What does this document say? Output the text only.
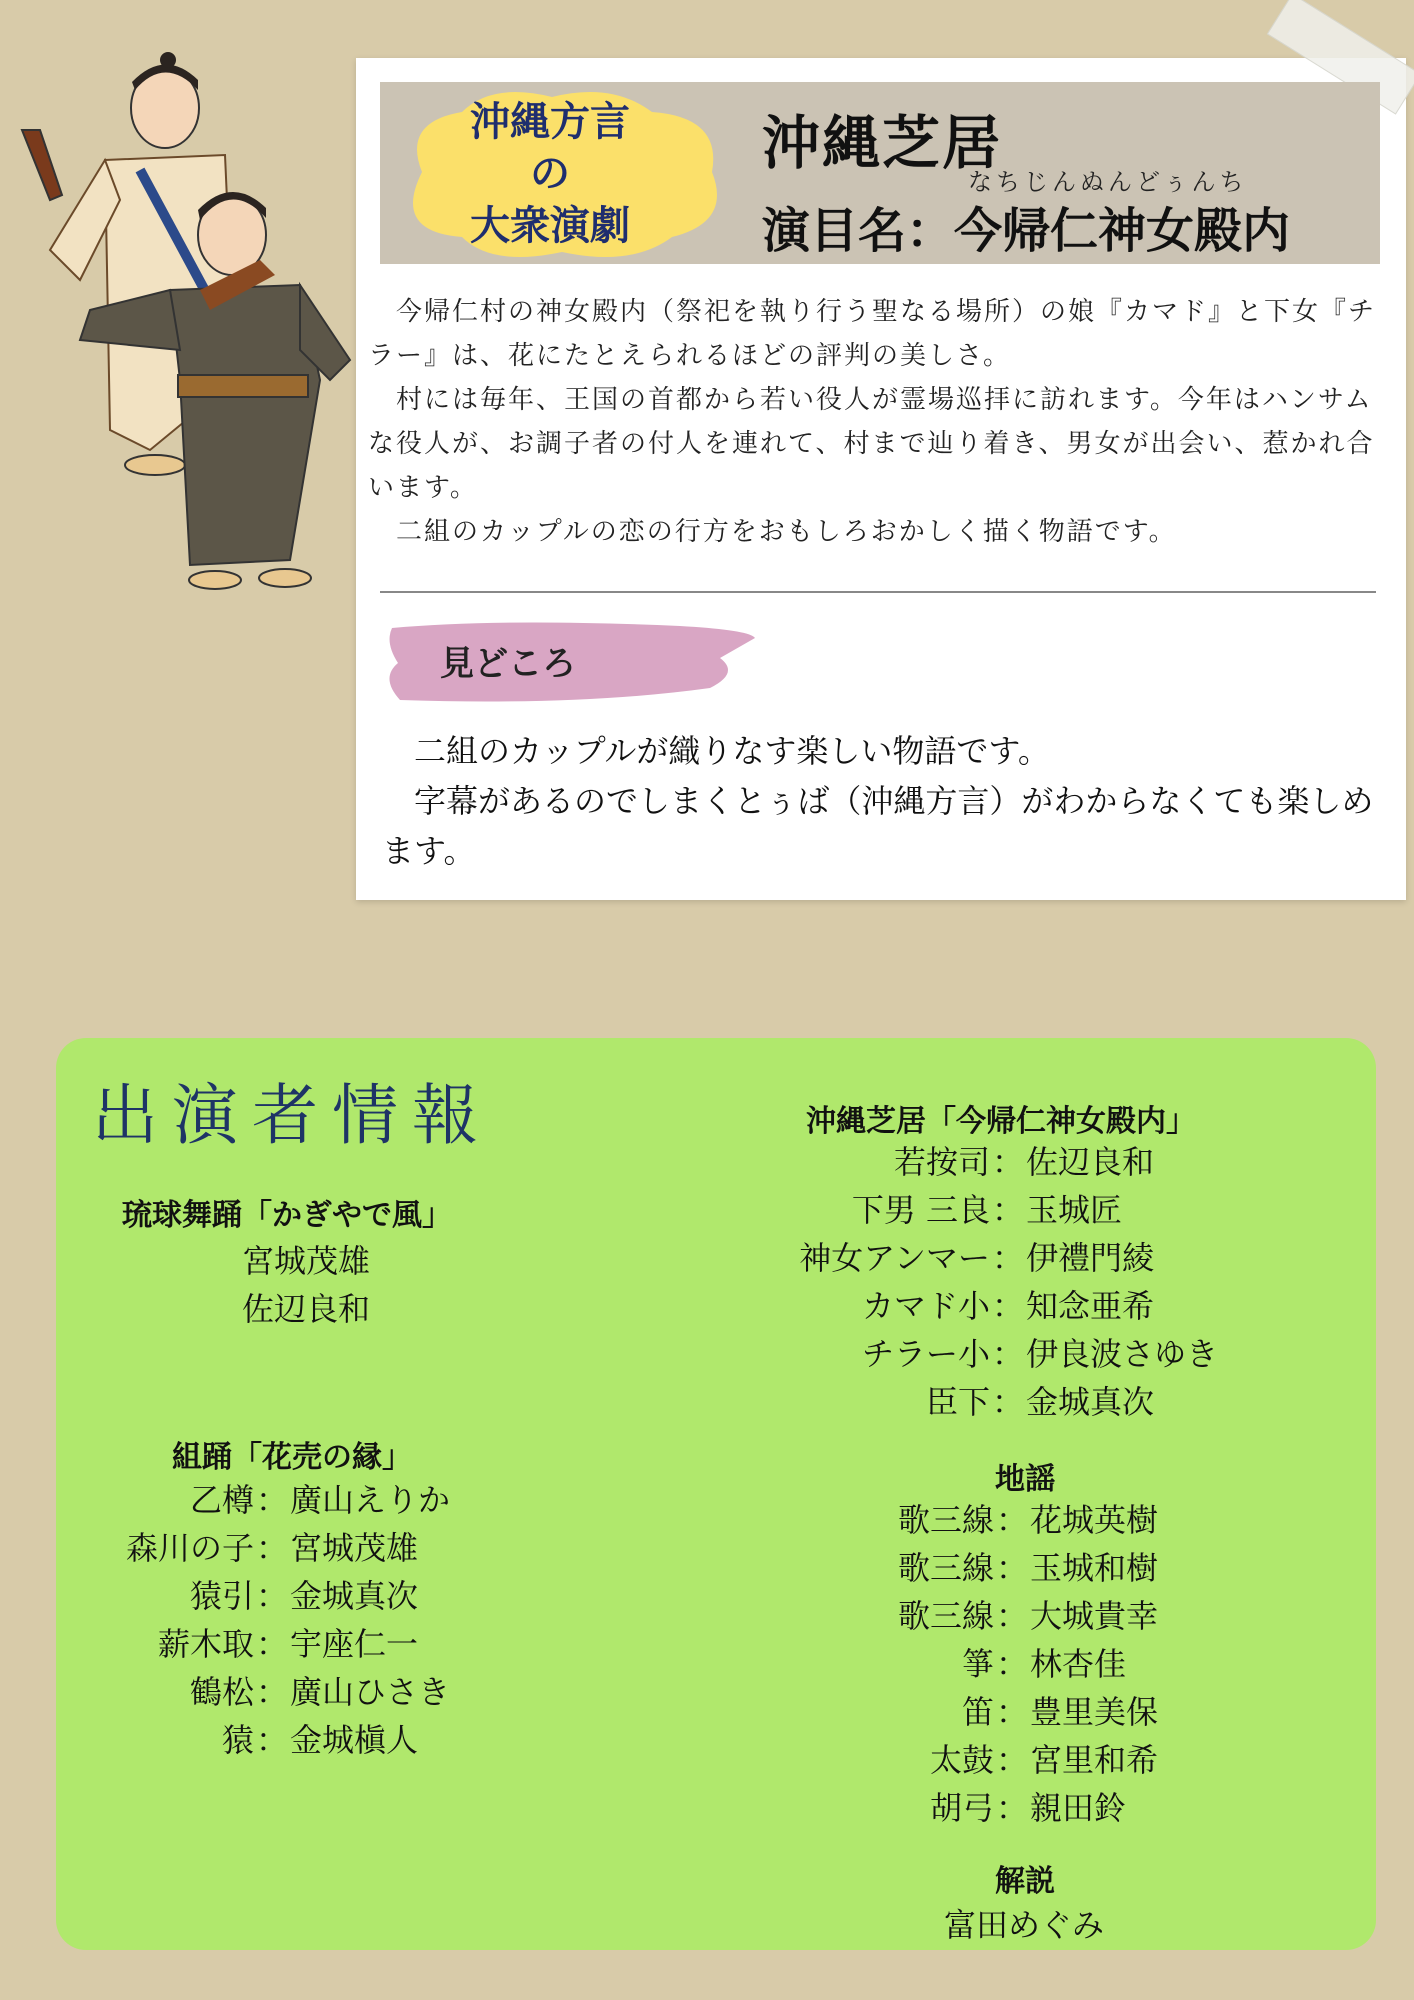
沖縄方言
の
大衆演劇
沖縄芝居
なちじんぬんどぅんち
演目名：今帰仁神女殿内

　今帰仁村の神女殿内（祭祀を執り行う聖なる場所）の娘『カマド』と下女『チラー』は、花にたとえられるほどの評判の美しさ。

　村には毎年、王国の首都から若い役人が霊場巡拝に訪れます。今年はハンサムな役人が、お調子者の付人を連れて、村まで辿り着き、男女が出会い、惹かれ合います。

　二組のカップルの恋の行方をおもしろおかしく描く物語です。

見どころ

　二組のカップルが織りなす楽しい物語です。

　字幕があるのでしまくとぅば（沖縄方言）がわからなくても楽しめます。

出演者情報
琉球舞踊「かぎやで風」
宮城茂雄
佐辺良和
組踊「花売の縁」
乙樽：廣山えりか
森川の子：宮城茂雄
猿引：金城真次
薪木取：宇座仁一
鶴松：廣山ひさき
猿：金城槇人
沖縄芝居「今帰仁神女殿内」
若按司：佐辺良和
下男 三良：玉城匠
神女アンマー：伊禮門綾
カマド小：知念亜希
チラー小：伊良波さゆき
臣下：金城真次
地謡
歌三線：花城英樹
歌三線：玉城和樹
歌三線：大城貴幸
箏：林杏佳
笛：豊里美保
太鼓：宮里和希
胡弓：親田鈴
解説
富田めぐみ
